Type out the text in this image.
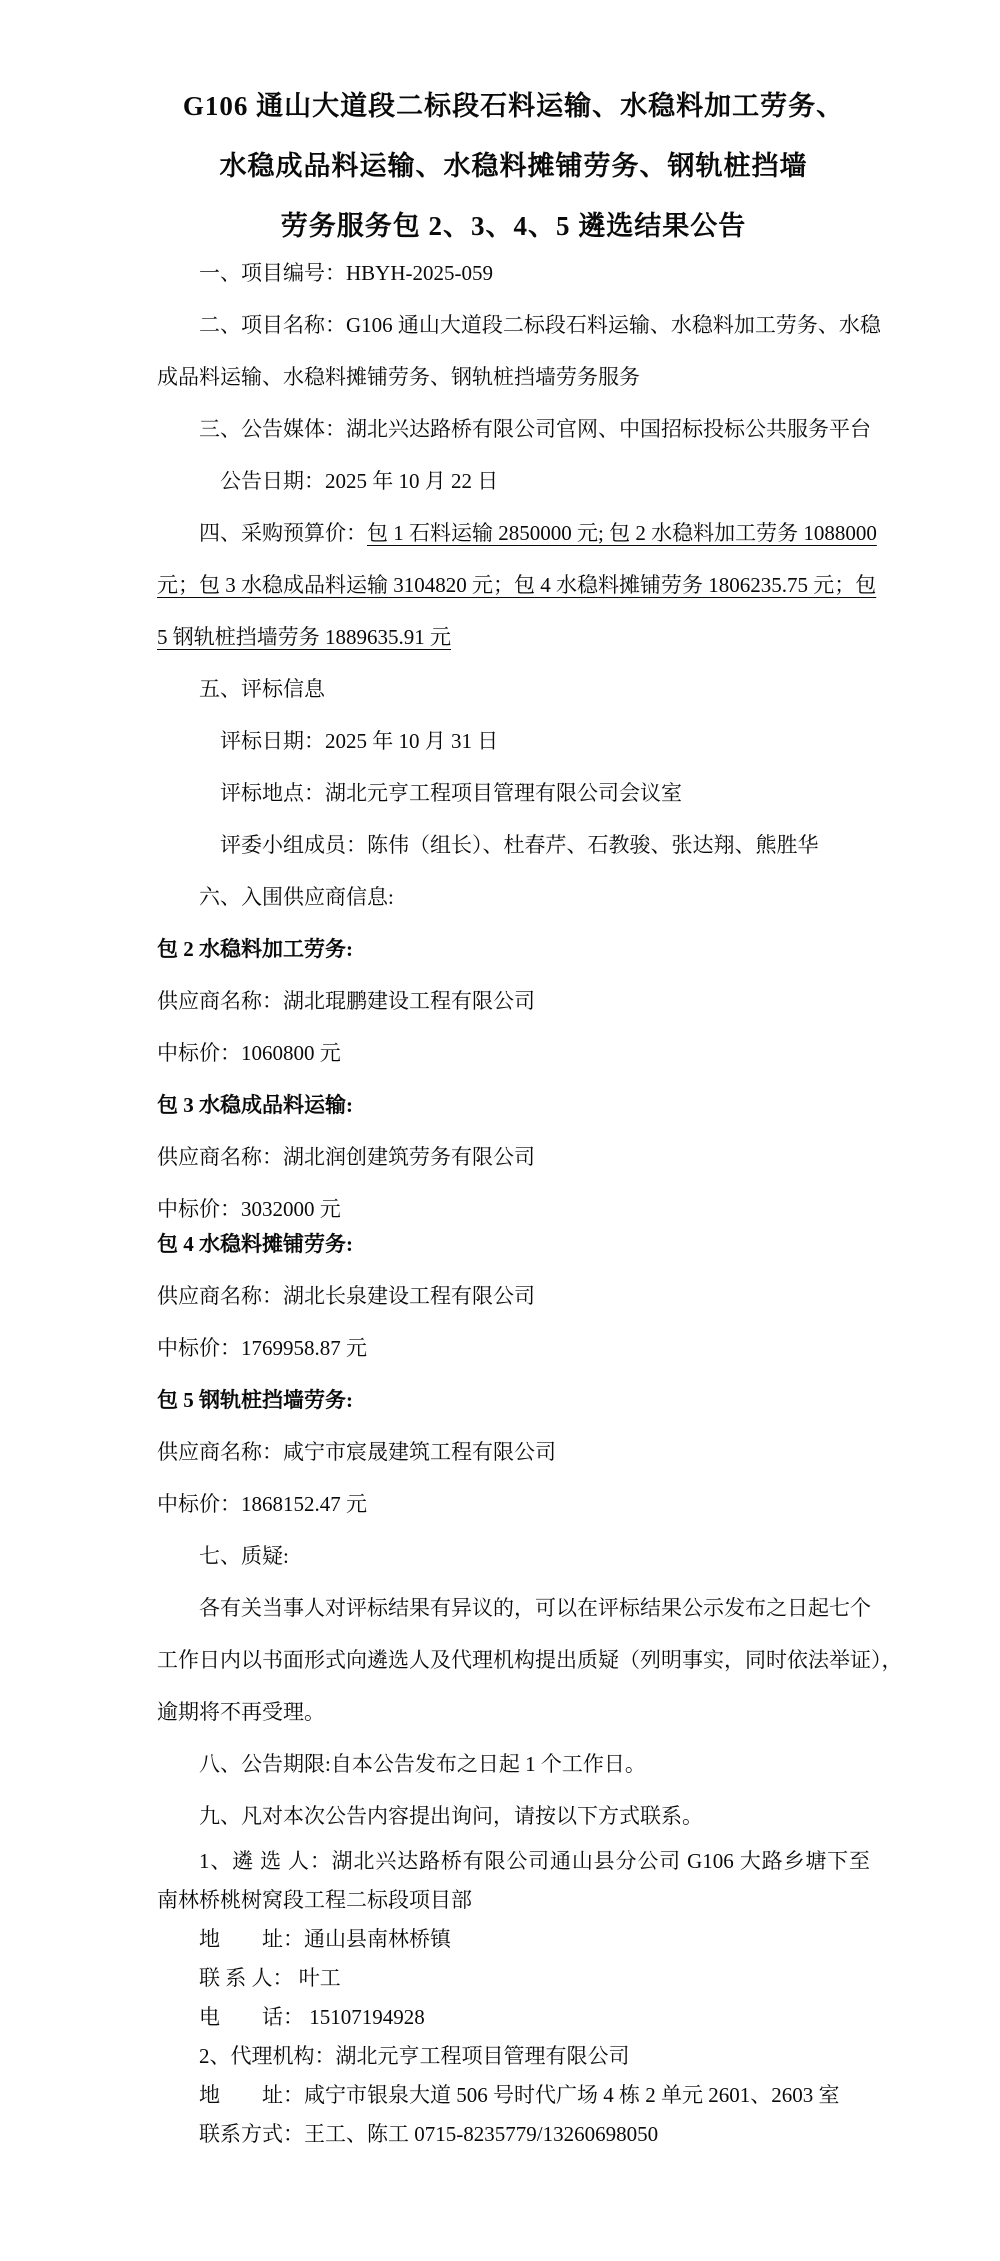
G106 通山大道段二标段石料运输、水稳料加工劳务、

水稳成品料运输、水稳料摊铺劳务、钢轨桩挡墙

劳务服务包 2、3、4、5 遴选结果公告

一、项目编号：HBYH-2025-059

二、项目名称：G106 通山大道段二标段石料运输、水稳料加工劳务、水稳

成品料运输、水稳料摊铺劳务、钢轨桩挡墙劳务服务

三、公告媒体：湖北兴达路桥有限公司官网、中国招标投标公共服务平台

公告日期：2025 年 10 月 22 日

四、采购预算价：包 1 石料运输 2850000 元; 包 2 水稳料加工劳务 1088000

元；包 3 水稳成品料运输 3104820 元；包 4 水稳料摊铺劳务 1806235.75 元；包

5 钢轨桩挡墙劳务 1889635.91 元

五、评标信息

评标日期：2025 年 10 月 31 日

评标地点：湖北元亨工程项目管理有限公司会议室

评委小组成员：陈伟（组长）、杜春芹、石教骏、张达翔、熊胜华

六、入围供应商信息:

包 2 水稳料加工劳务:

供应商名称：湖北琨鹏建设工程有限公司

中标价：1060800 元

包 3 水稳成品料运输:

供应商名称：湖北润创建筑劳务有限公司

中标价：3032000 元

包 4 水稳料摊铺劳务:

供应商名称：湖北长泉建设工程有限公司

中标价：1769958.87 元

包 5 钢轨桩挡墙劳务:

供应商名称：咸宁市宸晟建筑工程有限公司

中标价：1868152.47 元

七、质疑:

各有关当事人对评标结果有异议的，可以在评标结果公示发布之日起七个

工作日内以书面形式向遴选人及代理机构提出质疑（列明事实，同时依法举证），

逾期将不再受理。

八、公告期限:自本公告发布之日起 1 个工作日。

九、凡对本次公告内容提出询问，请按以下方式联系。

1、遴 选 人：湖北兴达路桥有限公司通山县分公司 G106 大路乡塘下至

南林桥桃树窝段工程二标段项目部

地　　址：通山县南林桥镇

联 系 人： 叶工

电　　话： 15107194928

2、代理机构：湖北元亨工程项目管理有限公司

地　　址：咸宁市银泉大道 506 号时代广场 4 栋 2 单元 2601、2603 室

联系方式：王工、陈工 0715-8235779/13260698050
